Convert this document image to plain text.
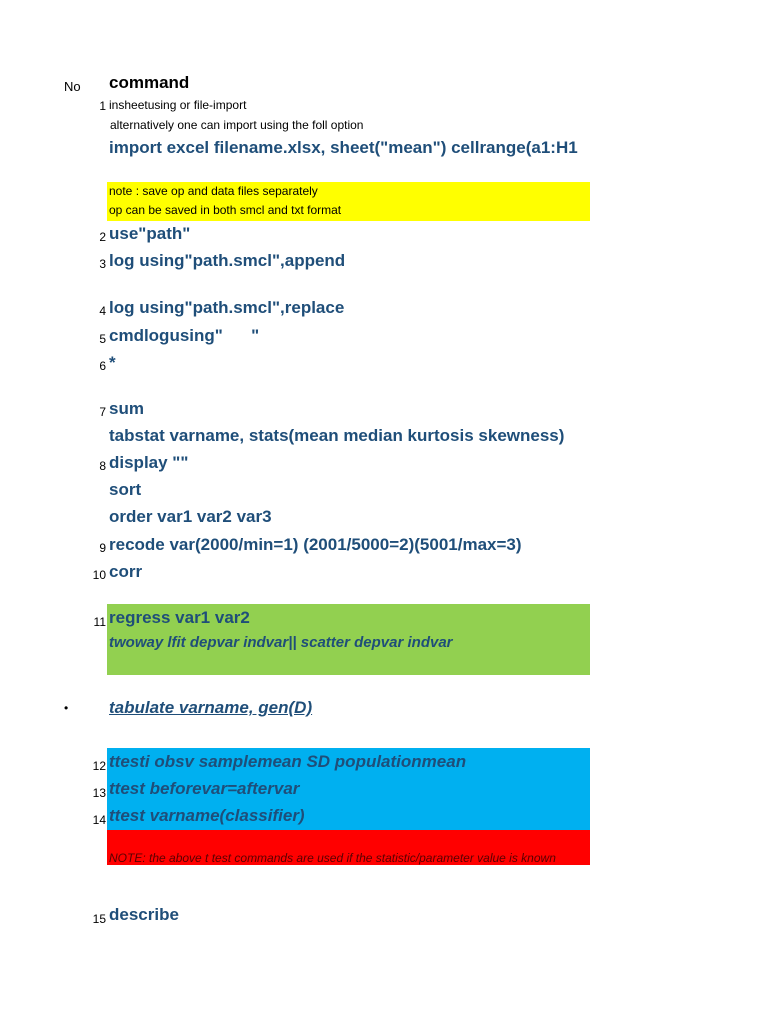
No command
1 insheetusing or file-import
alternatively one can import using the foll option
import excel filename.xlsx, sheet("mean") cellrange(a1:H1
note : save op and data files separately
op can be saved in both smcl and txt format
2 use"path"
3 log using"path.smcl",append
4 log using"path.smcl",replace
5 cmdlogusing"      "
6 *
7 sum
tabstat varname, stats(mean median kurtosis skewness)
8 display ""
sort
order var1 var2 var3
9 recode var(2000/min=1) (2001/5000=2)(5001/max=3)
10 corr
11 regress var1 var2
twoway lfit depvar indvar|| scatter depvar indvar
• tabulate varname, gen(D)
12 ttesti obsv samplemean SD populationmean
13 ttest beforevar=aftervar
14 ttest varname(classifier)
NOTE: the above t test commands are used if the statistic/parameter value is known
15 describe
